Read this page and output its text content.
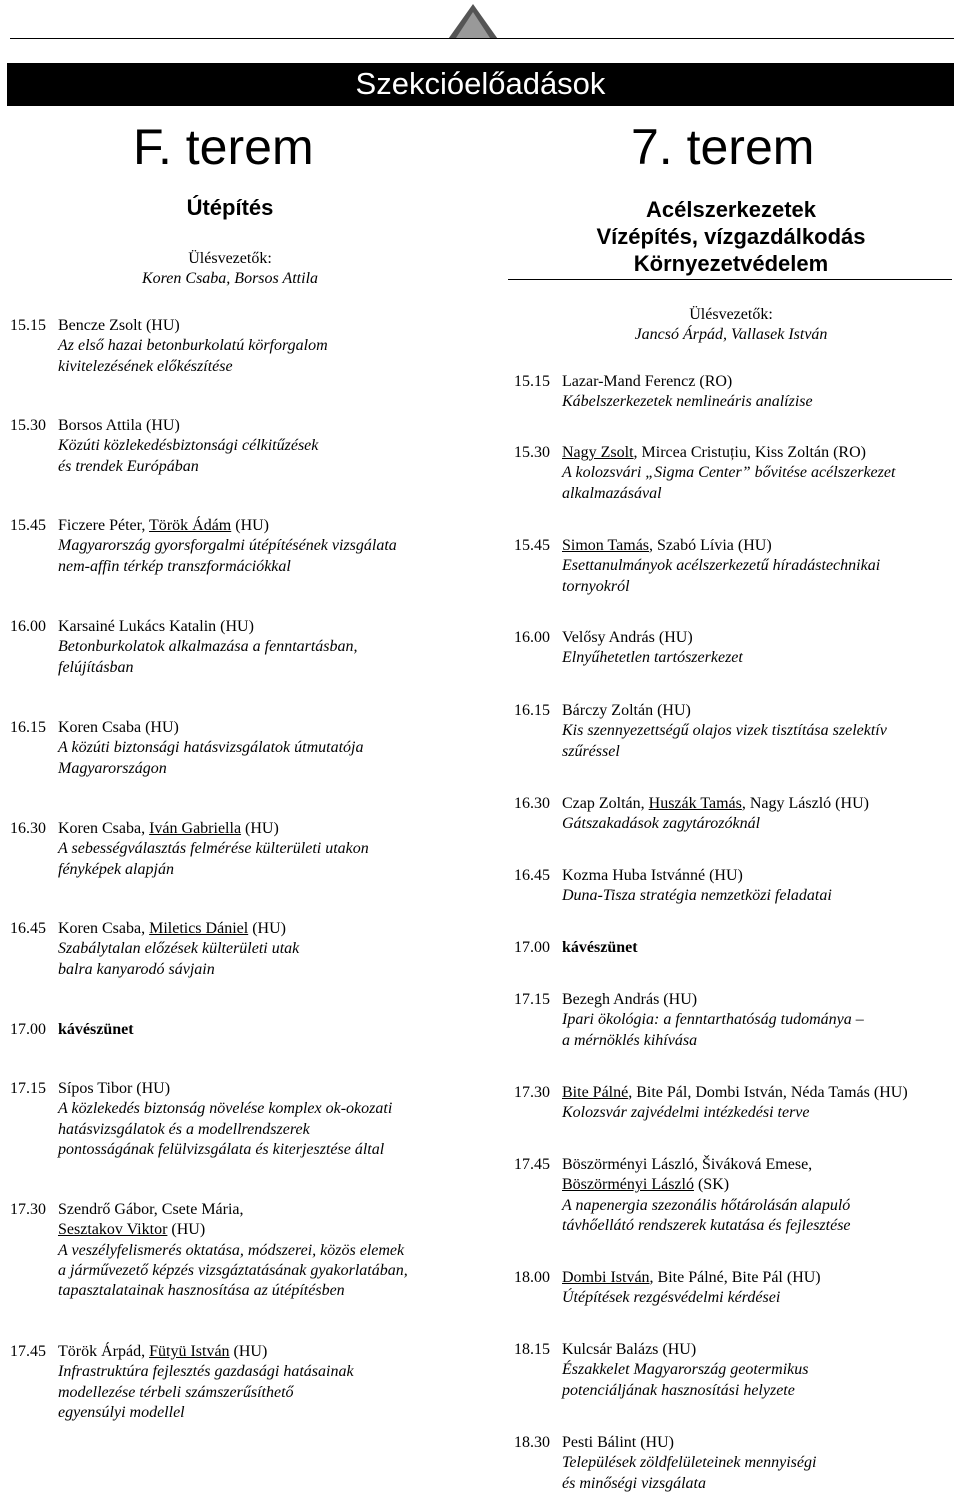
Szekcióelőadások
F. terem
Útépítés
Ülésvezetők:
Koren Csaba, Borsos Attila
15.15 Bencze Zsolt (HU)
Az első hazai betonburkolatú körforgalom
kivitelezésének előkészítése
15.30 Borsos Attila (HU)
Közúti közlekedésbiztonsági célkitűzések
és trendek Európában
15.45 Ficzere Péter, Török Ádám (HU)
Magyarország gyorsforgalmi útépítésének vizsgálata
nem-affin térkép transzformációkkal
16.00 Karsainé Lukács Katalin (HU)
Betonburkolatok alkalmazása a fenntartásban,
felújításban
16.15 Koren Csaba (HU)
A közúti biztonsági hatásvizsgálatok útmutatója
Magyarországon
16.30 Koren Csaba, Iván Gabriella (HU)
A sebességválasztás felmérése külterületi utakon
fényképek alapján
16.45 Koren Csaba, Miletics Dániel (HU)
Szabálytalan előzések külterületi utak
balra kanyarodó sávjain
17.00 kávészünet
17.15 Sípos Tibor (HU)
A közlekedés biztonság növelése komplex ok-okozati
hatásvizsgálatok és a modellrendszerek
pontosságának felülvizsgálata és kiterjesztése által
17.30 Szendrő Gábor, Csete Mária,
Sesztakov Viktor (HU)
A veszélyfelismerés oktatása, módszerei, közös elemek
a járművezető képzés vizsgáztatásának gyakorlatában,
tapasztalatainak hasznosítása az útépítésben
17.45 Török Árpád, Fütyü István (HU)
Infrastruktúra fejlesztés gazdasági hatásainak
modellezése térbeli számszerűsíthető
egyensúlyi modellel
7. terem
Acélszerkezetek
Vízépítés, vízgazdálkodás
Környezetvédelem
Ülésvezetők:
Jancsó Árpád, Vallasek István
15.15 Lazar-Mand Ferencz (RO)
Kábelszerkezetek nemlineáris analízise
15.30 Nagy Zsolt, Mircea Cristuțiu, Kiss Zoltán (RO)
A kolozsvári „Sigma Center” bővitése acélszerkezet
alkalmazásával
15.45 Simon Tamás, Szabó Lívia (HU)
Esettanulmányok acélszerkezetű híradástechnikai
tornyokról
16.00 Velősy András (HU)
Elnyűhetetlen tartószerkezet
16.15 Bárczy Zoltán (HU)
Kis szennyezettségű olajos vizek tisztítása szelektív
szűréssel
16.30 Czap Zoltán, Huszák Tamás, Nagy László (HU)
Gátszakadások zagytározóknál
16.45 Kozma Huba Istvánné (HU)
Duna-Tisza stratégia nemzetközi feladatai
17.00 kávészünet
17.15 Bezegh András (HU)
Ipari ökológia: a fenntarthatóság tudománya –
a mérnöklés kihívása
17.30 Bite Pálné, Bite Pál, Dombi István, Néda Tamás (HU)
Kolozsvár zajvédelmi intézkedési terve
17.45 Böszörményi László, Šiváková Emese,
Böszörményi László (SK)
A napenergia szezonális hőtárolásán alapuló
távhőellátó rendszerek kutatása és fejlesztése
18.00 Dombi István, Bite Pálné, Bite Pál (HU)
Útépítések rezgésvédelmi kérdései
18.15 Kulcsár Balázs (HU)
Északkelet Magyarország geotermikus
potenciáljának hasznosítási helyzete
18.30 Pesti Bálint (HU)
Települések zöldfelületeinek mennyiségi
és minőségi vizsgálata
